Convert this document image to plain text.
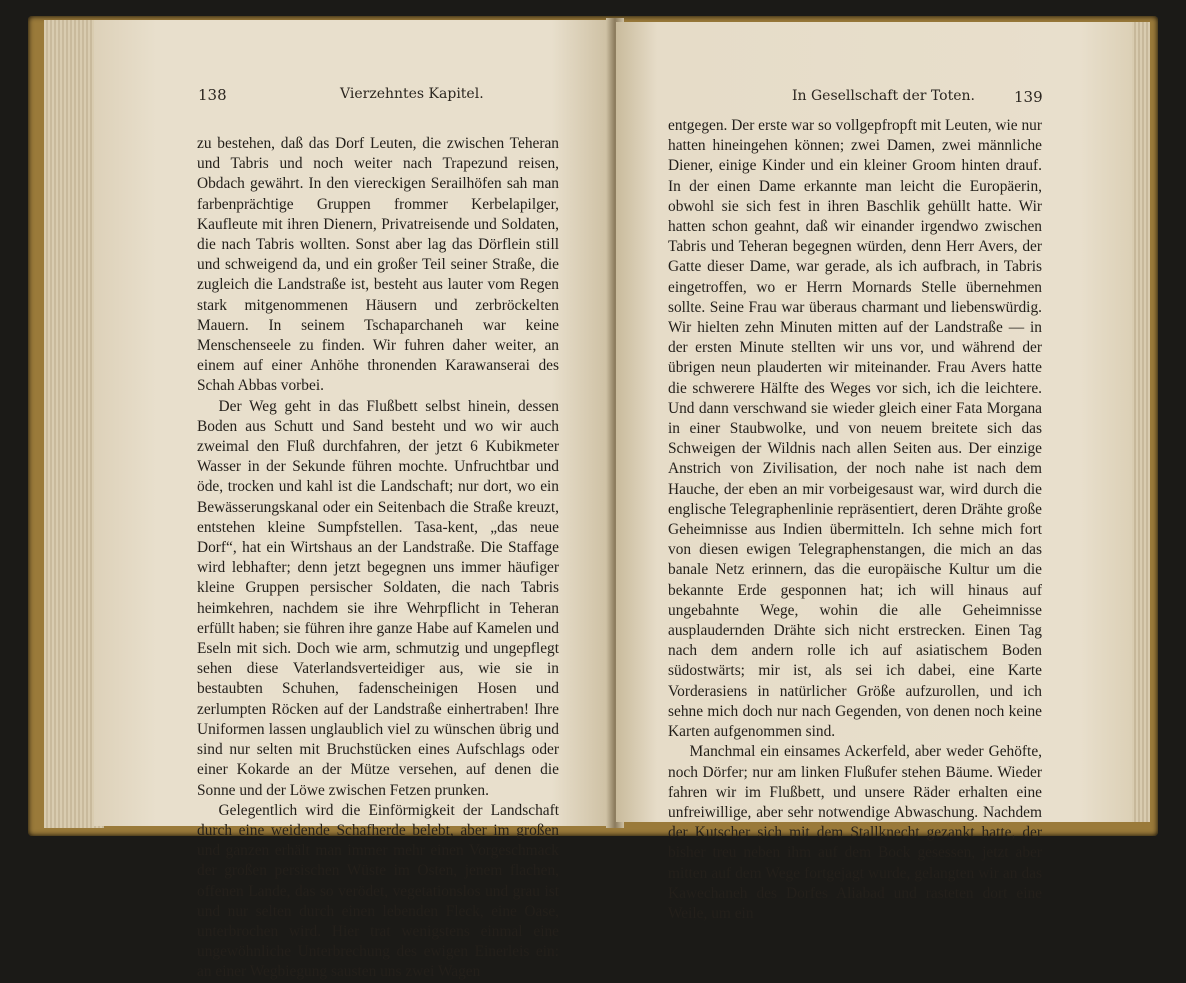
138	Vierzehntes Kapitel.

zu bestehen, daß das Dorf Leuten, die zwischen Teheran und Tabris und noch weiter nach Trapezund reisen, Obdach gewährt. In den viereckigen Serailhöfen sah man farbenprächtige Gruppen frommer Kerbelapilger, Kaufleute mit ihren Dienern, Privatreisende und Soldaten, die nach Tabris wollten. Sonst aber lag das Dörflein still und schweigend da, und ein großer Teil seiner Straße, die zugleich die Landstraße ist, besteht aus lauter vom Regen stark mitgenommenen Häusern und zerbröckelten Mauern. In seinem Tschaparchaneh war keine Menschenseele zu finden. Wir fuhren daher weiter, an einem auf einer Anhöhe thronenden Karawanserai des Schah Abbas vorbei.

Der Weg geht in das Flußbett selbst hinein, dessen Boden aus Schutt und Sand besteht und wo wir auch zweimal den Fluß durchfahren, der jetzt 6 Kubikmeter Wasser in der Sekunde führen mochte. Unfruchtbar und öde, trocken und kahl ist die Landschaft; nur dort, wo ein Bewässerungskanal oder ein Seitenbach die Straße kreuzt, entstehen kleine Sumpfstellen. Tasa-kent, „das neue Dorf“, hat ein Wirtshaus an der Landstraße. Die Staffage wird lebhafter; denn jetzt begegnen uns immer häufiger kleine Gruppen persischer Soldaten, die nach Tabris heimkehren, nachdem sie ihre Wehrpflicht in Teheran erfüllt haben; sie führen ihre ganze Habe auf Kamelen und Eseln mit sich. Doch wie arm, schmutzig und ungepflegt sehen diese Vaterlandsverteidiger aus, wie sie in bestaubten Schuhen, fadenscheinigen Hosen und zerlumpten Röcken auf der Landstraße einhertraben! Ihre Uniformen lassen unglaublich viel zu wünschen übrig und sind nur selten mit Bruchstücken eines Aufschlags oder einer Kokarde an der Mütze versehen, auf denen die Sonne und der Löwe zwischen Fetzen prunken.

Gelegentlich wird die Einförmigkeit der Landschaft durch eine weidende Schafherde belebt, aber im großen und ganzen erhält man immer mehr einen Vorgeschmack der großen persischen Wüste im Osten, jenem flachen, offenen Lande, das so verödet, vegetationslos und grau ist und nur selten durch einen lebenden Fleck, eine Oase, unterbrochen wird. Hier trat wenigstens einmal eine ungewöhnliche Unterbrechung des ewigen Einerleis ein: an einer Wegbiegung sausten uns zwei Wagen

In Gesellschaft der Toten.	139

entgegen. Der erste war so vollgepfropft mit Leuten, wie nur hatten hineingehen können; zwei Damen, zwei männliche Diener, einige Kinder und ein kleiner Groom hinten drauf. In der einen Dame erkannte man leicht die Europäerin, obwohl sie sich fest in ihren Baschlik gehüllt hatte. Wir hatten schon geahnt, daß wir einander irgendwo zwischen Tabris und Teheran begegnen würden, denn Herr Avers, der Gatte dieser Dame, war gerade, als ich aufbrach, in Tabris eingetroffen, wo er Herrn Mornards Stelle übernehmen sollte. Seine Frau war überaus charmant und liebenswürdig. Wir hielten zehn Minuten mitten auf der Landstraße — in der ersten Minute stellten wir uns vor, und während der übrigen neun plauderten wir miteinander. Frau Avers hatte die schwerere Hälfte des Weges vor sich, ich die leichtere. Und dann verschwand sie wieder gleich einer Fata Morgana in einer Staubwolke, und von neuem breitete sich das Schweigen der Wildnis nach allen Seiten aus. Der einzige Anstrich von Zivilisation, der noch nahe ist nach dem Hauche, der eben an mir vorbeigesaust war, wird durch die englische Telegraphenlinie repräsentiert, deren Drähte große Geheimnisse aus Indien übermitteln. Ich sehne mich fort von diesen ewigen Telegraphenstangen, die mich an das banale Netz erinnern, das die europäische Kultur um die bekannte Erde gesponnen hat; ich will hinaus auf ungebahnte Wege, wohin die alle Geheimnisse ausplaudernden Drähte sich nicht erstrecken. Einen Tag nach dem andern rolle ich auf asiatischem Boden südostwärts; mir ist, als sei ich dabei, eine Karte Vorderasiens in natürlicher Größe aufzurollen, und ich sehne mich doch nur nach Gegenden, von denen noch keine Karten aufgenommen sind.

Manchmal ein einsames Ackerfeld, aber weder Gehöfte, noch Dörfer; nur am linken Flußufer stehen Bäume. Wieder fahren wir im Flußbett, und unsere Räder erhalten eine unfreiwillige, aber sehr notwendige Abwaschung. Nachdem der Kutscher sich mit dem Stallknecht gezankt hatte, der bisher treu neben ihm auf dem Bock gesessen, jetzt aber mitten auf dem Wege fortgejagt wurde, gelangten wir an das Kawechaneh des Dorfes Aliabad und rasteten dort eine Weile, um ein
